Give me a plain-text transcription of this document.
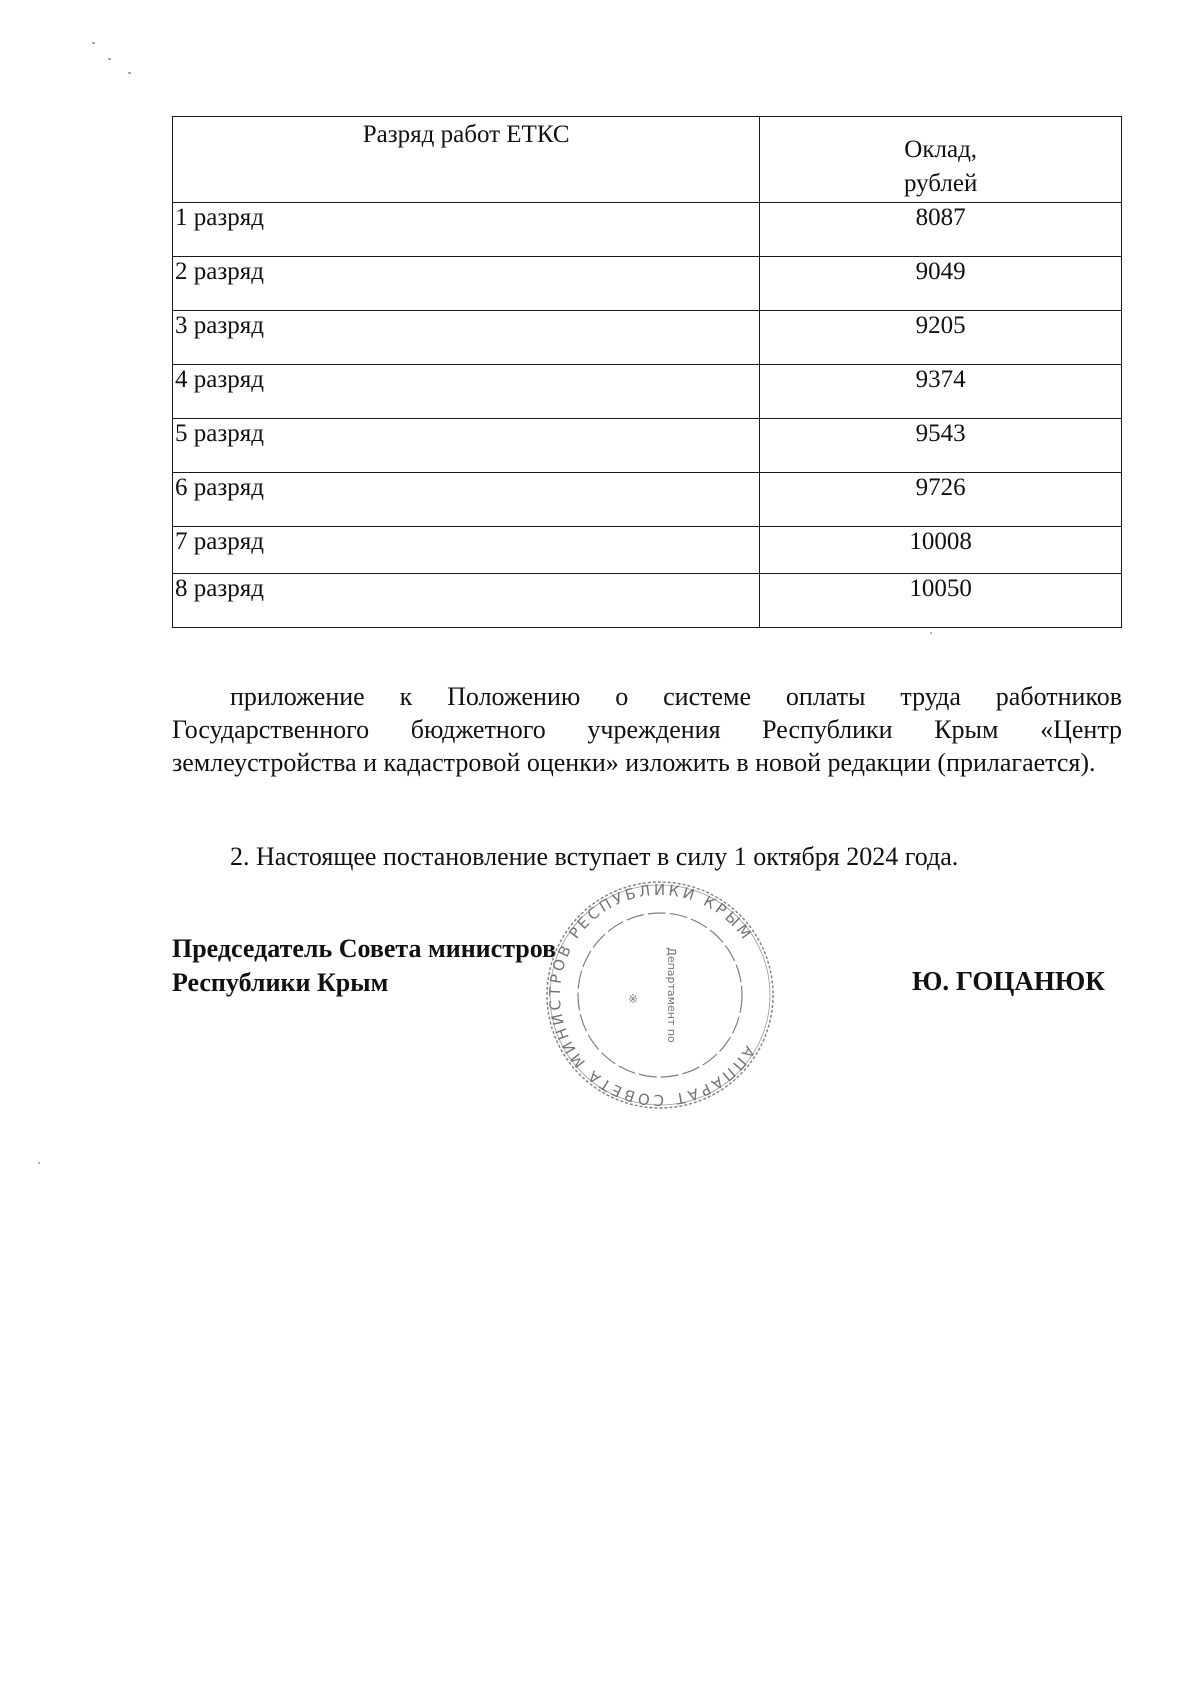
Разряд работ ЕТКС	Оклад,
рублей

1 разряд	8087
2 разряд	9049
3 разряд	9205
4 разряд	9374
5 разряд	9543
6 разряд	9726
7 разряд	10008
8 разряд	10050

приложение к Положению о системе оплаты труда работников Государственного бюджетного учреждения Республики Крым «Центр землеустройства и кадастровой оценки» изложить в новой редакции (прилагается).

2. Настоящее постановление вступает в силу 1 октября 2024 года.

Председатель Совета министров
Республики Крым	Ю. ГОЦАНЮК
АППАРАТ СОВЕТА МИНИСТРОВ РЕСПУБЛИКИ КРЫМ
Департамент по
※
